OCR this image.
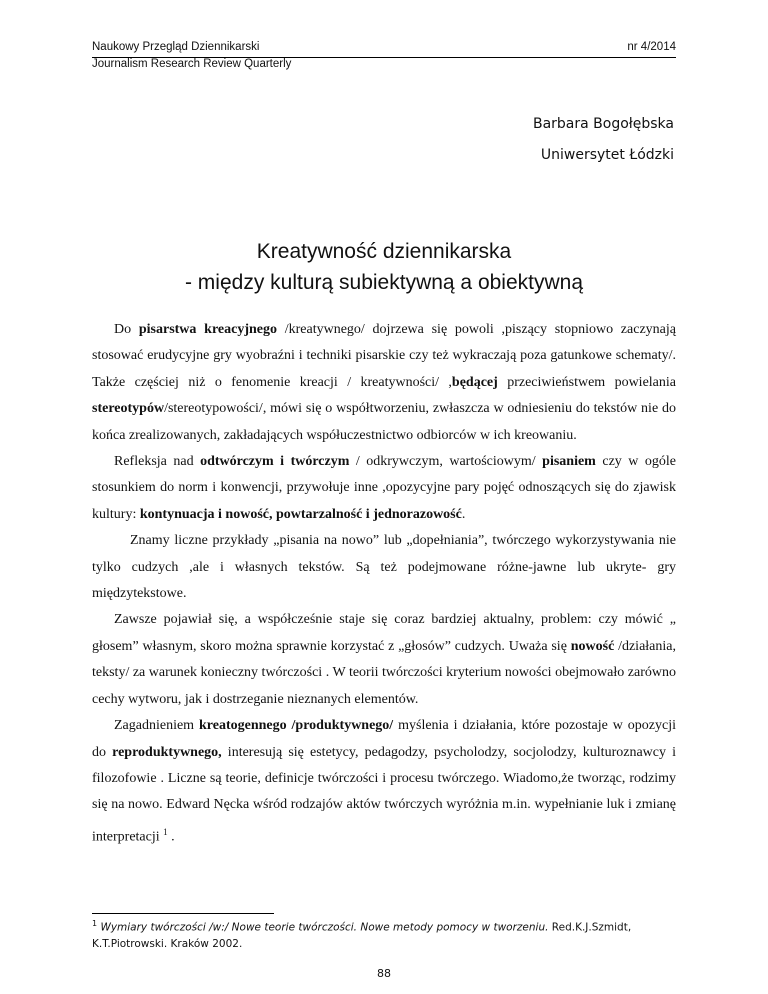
Naukowy Przegląd Dziennikarski	nr 4/2014
Journalism Research Review Quarterly
Barbara Bogołębska
Uniwersytet Łódzki
Kreatywność dziennikarska
- między kulturą subiektywną a obiektywną

Do pisarstwa kreacyjnego /kreatywnego/ dojrzewa się powoli ,piszący stopniowo zaczynają stosować erudycyjne gry wyobraźni i techniki pisarskie czy też wykraczają poza gatunkowe schematy/. Także częściej niż o fenomenie kreacji / kreatywności/ ,będącej przeciwieństwem powielania stereotypów/stereotypowości/, mówi się o współtworzeniu, zwłaszcza w odniesieniu do tekstów nie do końca zrealizowanych, zakładających współuczestnictwo odbiorców w ich kreowaniu.

Refleksja nad odtwórczym i twórczym / odkrywczym, wartościowym/ pisaniem czy w ogóle stosunkiem do norm i konwencji, przywołuje inne ,opozycyjne pary pojęć odnoszących się do zjawisk kultury: kontynuacja i nowość, powtarzalność i jednorazowość.

Znamy liczne przykłady „pisania na nowo” lub „dopełniania”, twórczego wykorzystywania nie tylko cudzych ,ale i własnych tekstów. Są też podejmowane różne-jawne lub ukryte- gry międzytekstowe.

Zawsze pojawiał się, a współcześnie staje się coraz bardziej aktualny, problem: czy mówić „ głosem” własnym, skoro można sprawnie korzystać z „głosów” cudzych. Uważa się nowość /działania, teksty/ za warunek konieczny twórczości . W teorii twórczości kryterium nowości obejmowało zarówno cechy wytworu, jak i dostrzeganie nieznanych elementów.

Zagadnieniem kreatogennego /produktywnego/ myślenia i działania, które pozostaje w opozycji do reproduktywnego, interesują się estetycy, pedagodzy, psycholodzy, socjolodzy, kulturoznawcy i filozofowie . Liczne są teorie, definicje twórczości i procesu twórczego. Wiadomo,że tworząc, rodzimy się na nowo. Edward Nęcka wśród rodzajów aktów twórczych wyróżnia m.in. wypełnianie luk i zmianę interpretacji $^1$ .

$^1$ Wymiary twórczości /w:/ Nowe teorie twórczości. Nowe metody pomocy w tworzeniu. Red.K.J.Szmidt, K.T.Piotrowski. Kraków 2002.
88
